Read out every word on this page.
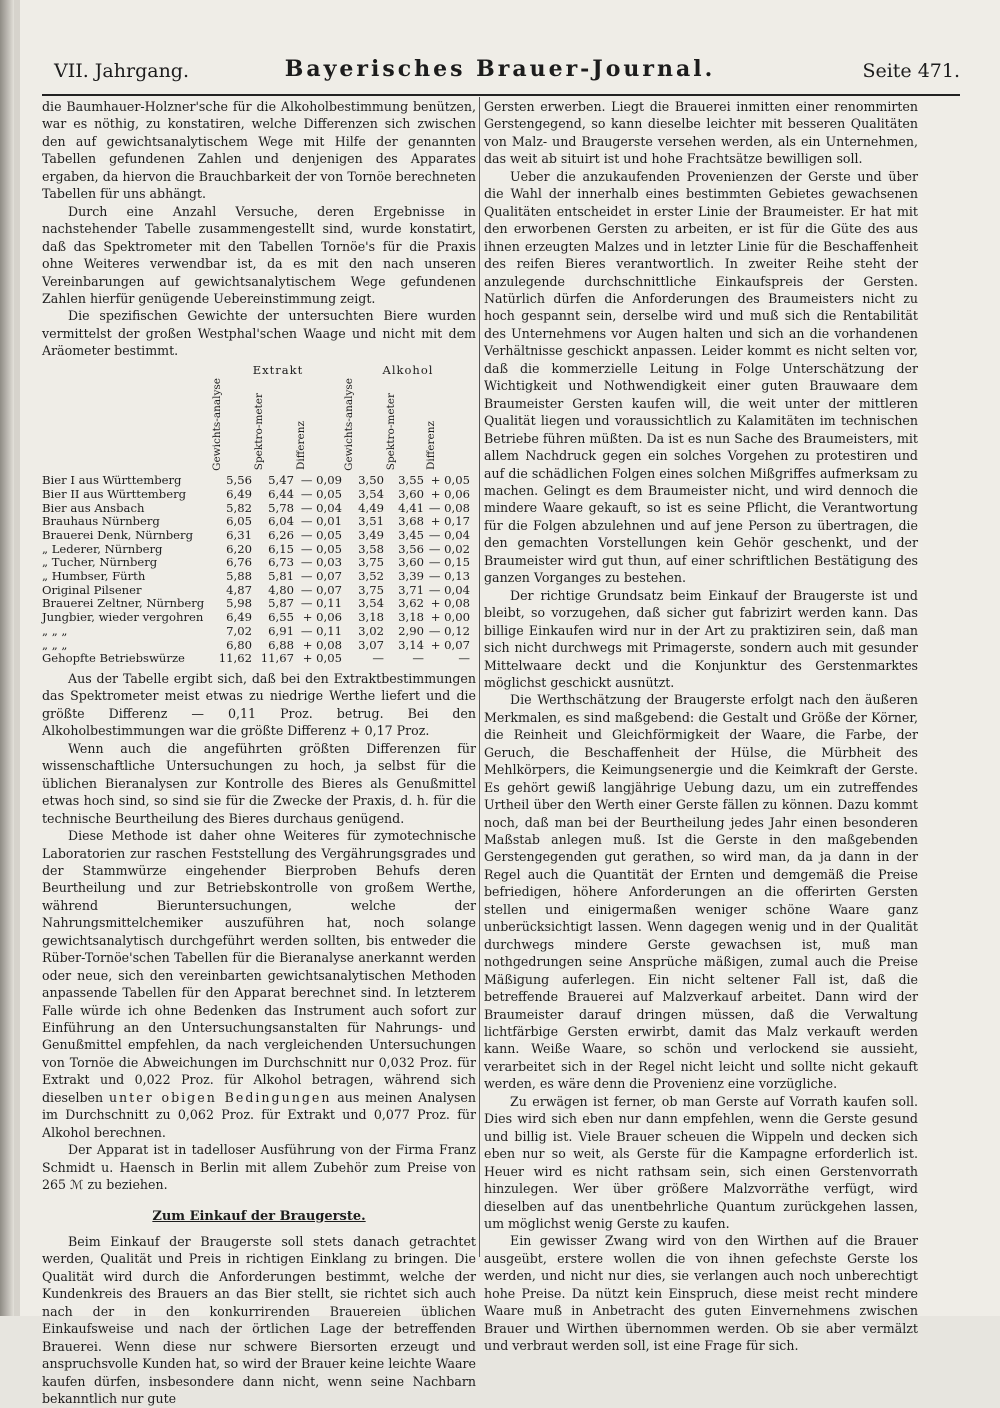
VII. Jahrgang.	Bayerisches Brauer-Journal.	Seite 471.

die Baumhauer-Holzner'sche für die Alkoholbestimmung benützen, war es nöthig, zu konstatiren, welche Differenzen sich zwischen den auf gewichtsanalytischem Wege mit Hilfe der genannten Tabellen gefundenen Zahlen und denjenigen des Apparates ergaben, da hiervon die Brauchbarkeit der von Tornöe berechneten Tabellen für uns abhängt.

Durch eine Anzahl Versuche, deren Ergebnisse in nachstehender Tabelle zusammengestellt sind, wurde konstatirt, daß das Spektrometer mit den Tabellen Tornöe's für die Praxis ohne Weiteres verwendbar ist, da es mit den nach unseren Vereinbarungen auf gewichtsanalytischem Wege gefundenen Zahlen hierfür genügende Uebereinstimmung zeigt.

Die spezifischen Gewichte der untersuchten Biere wurden vermittelst der großen Westphal'schen Waage und nicht mit dem Aräometer bestimmt.

	Extrakt			Alkohol		
	Gewichts-analyse	Spektro-meter	Differenz	Gewichts-analyse	Spektro-meter	Differenz
Bier I aus Württemberg	5,56	5,47	— 0,09	3,50	3,55	+ 0,05
Bier II aus Württemberg	6,49	6,44	— 0,05	3,54	3,60	+ 0,06
Bier aus Ansbach	5,82	5,78	— 0,04	4,49	4,41	— 0,08
Brauhaus Nürnberg	6,05	6,04	— 0,01	3,51	3,68	+ 0,17
Brauerei Denk, Nürnberg	6,31	6,26	— 0,05	3,49	3,45	— 0,04
„ Lederer, Nürnberg	6,20	6,15	— 0,05	3,58	3,56	— 0,02
„ Tucher, Nürnberg	6,76	6,73	— 0,03	3,75	3,60	— 0,15
„ Humbser, Fürth	5,88	5,81	— 0,07	3,52	3,39	— 0,13
Original Pilsener	4,87	4,80	— 0,07	3,75	3,71	— 0,04
Brauerei Zeltner, Nürnberg	5,98	5,87	— 0,11	3,54	3,62	+ 0,08
Jungbier, wieder vergohren	6,49	6,55	+ 0,06	3,18	3,18	+ 0,00
„ „ „	7,02	6,91	— 0,11	3,02	2,90	— 0,12
„ „ „	6,80	6,88	+ 0,08	3,07	3,14	+ 0,07
Gehopfte Betriebswürze	11,62	11,67	+ 0,05	—	—	—

Aus der Tabelle ergibt sich, daß bei den Extraktbestimmungen das Spektrometer meist etwas zu niedrige Werthe liefert und die größte Differenz — 0,11 Proz. betrug. Bei den Alkoholbestimmungen war die größte Differenz + 0,17 Proz.

Wenn auch die angeführten größten Differenzen für wissenschaftliche Untersuchungen zu hoch, ja selbst für die üblichen Bieranalysen zur Kontrolle des Bieres als Genußmittel etwas hoch sind, so sind sie für die Zwecke der Praxis, d. h. für die technische Beurtheilung des Bieres durchaus genügend.

Diese Methode ist daher ohne Weiteres für zymotechnische Laboratorien zur raschen Feststellung des Vergährungsgrades und der Stammwürze eingehender Bierproben Behufs deren Beurtheilung und zur Betriebskontrolle von großem Werthe, während Bieruntersuchungen, welche der Nahrungsmittelchemiker auszuführen hat, noch solange gewichtsanalytisch durchgeführt werden sollten, bis entweder die Rüber-Tornöe'schen Tabellen für die Bieranalyse anerkannt werden oder neue, sich den vereinbarten gewichtsanalytischen Methoden anpassende Tabellen für den Apparat berechnet sind. In letzterem Falle würde ich ohne Bedenken das Instrument auch sofort zur Einführung an den Untersuchungsanstalten für Nahrungs- und Genußmittel empfehlen, da nach vergleichenden Untersuchungen von Tornöe die Abweichungen im Durchschnitt nur 0,032 Proz. für Extrakt und 0,022 Proz. für Alkohol betragen, während sich dieselben unter obigen Bedingungen aus meinen Analysen im Durchschnitt zu 0,062 Proz. für Extrakt und 0,077 Proz. für Alkohol berechnen.

Der Apparat ist in tadelloser Ausführung von der Firma Franz Schmidt u. Haensch in Berlin mit allem Zubehör zum Preise von 265 ℳ zu beziehen.

Zum Einkauf der Braugerste.

Beim Einkauf der Braugerste soll stets danach getrachtet werden, Qualität und Preis in richtigen Einklang zu bringen. Die Qualität wird durch die Anforderungen bestimmt, welche der Kundenkreis des Brauers an das Bier stellt, sie richtet sich auch nach der in den konkurrirenden Brauereien üblichen Einkaufsweise und nach der örtlichen Lage der betreffenden Brauerei. Wenn diese nur schwere Biersorten erzeugt und anspruchsvolle Kunden hat, so wird der Brauer keine leichte Waare kaufen dürfen, insbesondere dann nicht, wenn seine Nachbarn bekanntlich nur gute

Gersten erwerben. Liegt die Brauerei inmitten einer renommirten Gerstengegend, so kann dieselbe leichter mit besseren Qualitäten von Malz- und Braugerste versehen werden, als ein Unternehmen, das weit ab situirt ist und hohe Frachtsätze bewilligen soll.

Ueber die anzukaufenden Provenienzen der Gerste und über die Wahl der innerhalb eines bestimmten Gebietes gewachsenen Qualitäten entscheidet in erster Linie der Braumeister. Er hat mit den erworbenen Gersten zu arbeiten, er ist für die Güte des aus ihnen erzeugten Malzes und in letzter Linie für die Beschaffenheit des reifen Bieres verantwortlich. In zweiter Reihe steht der anzulegende durchschnittliche Einkaufspreis der Gersten. Natürlich dürfen die Anforderungen des Braumeisters nicht zu hoch gespannt sein, derselbe wird und muß sich die Rentabilität des Unternehmens vor Augen halten und sich an die vorhandenen Verhältnisse geschickt anpassen. Leider kommt es nicht selten vor, daß die kommerzielle Leitung in Folge Unterschätzung der Wichtigkeit und Nothwendigkeit einer guten Brauwaare dem Braumeister Gersten kaufen will, die weit unter der mittleren Qualität liegen und voraussichtlich zu Kalamitäten im technischen Betriebe führen müßten. Da ist es nun Sache des Braumeisters, mit allem Nachdruck gegen ein solches Vorgehen zu protestiren und auf die schädlichen Folgen eines solchen Mißgriffes aufmerksam zu machen. Gelingt es dem Braumeister nicht, und wird dennoch die mindere Waare gekauft, so ist es seine Pflicht, die Verantwortung für die Folgen abzulehnen und auf jene Person zu übertragen, die den gemachten Vorstellungen kein Gehör geschenkt, und der Braumeister wird gut thun, auf einer schriftlichen Bestätigung des ganzen Vorganges zu bestehen.

Der richtige Grundsatz beim Einkauf der Braugerste ist und bleibt, so vorzugehen, daß sicher gut fabrizirt werden kann. Das billige Einkaufen wird nur in der Art zu praktiziren sein, daß man sich nicht durchwegs mit Primagerste, sondern auch mit gesunder Mittelwaare deckt und die Konjunktur des Gerstenmarktes möglichst geschickt ausnützt.

Die Werthschätzung der Braugerste erfolgt nach den äußeren Merkmalen, es sind maßgebend: die Gestalt und Größe der Körner, die Reinheit und Gleichförmigkeit der Waare, die Farbe, der Geruch, die Beschaffenheit der Hülse, die Mürbheit des Mehlkörpers, die Keimungsenergie und die Keimkraft der Gerste. Es gehört gewiß langjährige Uebung dazu, um ein zutreffendes Urtheil über den Werth einer Gerste fällen zu können. Dazu kommt noch, daß man bei der Beurtheilung jedes Jahr einen besonderen Maßstab anlegen muß. Ist die Gerste in den maßgebenden Gerstengegenden gut gerathen, so wird man, da ja dann in der Regel auch die Quantität der Ernten und demgemäß die Preise befriedigen, höhere Anforderungen an die offerirten Gersten stellen und einigermaßen weniger schöne Waare ganz unberücksichtigt lassen. Wenn dagegen wenig und in der Qualität durchwegs mindere Gerste gewachsen ist, muß man nothgedrungen seine Ansprüche mäßigen, zumal auch die Preise Mäßigung auferlegen. Ein nicht seltener Fall ist, daß die betreffende Brauerei auf Malzverkauf arbeitet. Dann wird der Braumeister darauf dringen müssen, daß die Verwaltung lichtfärbige Gersten erwirbt, damit das Malz verkauft werden kann. Weiße Waare, so schön und verlockend sie aussieht, verarbeitet sich in der Regel nicht leicht und sollte nicht gekauft werden, es wäre denn die Provenienz eine vorzügliche.

Zu erwägen ist ferner, ob man Gerste auf Vorrath kaufen soll. Dies wird sich eben nur dann empfehlen, wenn die Gerste gesund und billig ist. Viele Brauer scheuen die Wippeln und decken sich eben nur so weit, als Gerste für die Kampagne erforderlich ist. Heuer wird es nicht rathsam sein, sich einen Gerstenvorrath hinzulegen. Wer über größere Malzvorräthe verfügt, wird dieselben auf das unentbehrliche Quantum zurückgehen lassen, um möglichst wenig Gerste zu kaufen.

Ein gewisser Zwang wird von den Wirthen auf die Brauer ausgeübt, erstere wollen die von ihnen gefechste Gerste los werden, und nicht nur dies, sie verlangen auch noch unberechtigt hohe Preise. Da nützt kein Einspruch, diese meist recht mindere Waare muß in Anbetracht des guten Einvernehmens zwischen Brauer und Wirthen übernommen werden. Ob sie aber vermälzt und verbraut werden soll, ist eine Frage für sich.
